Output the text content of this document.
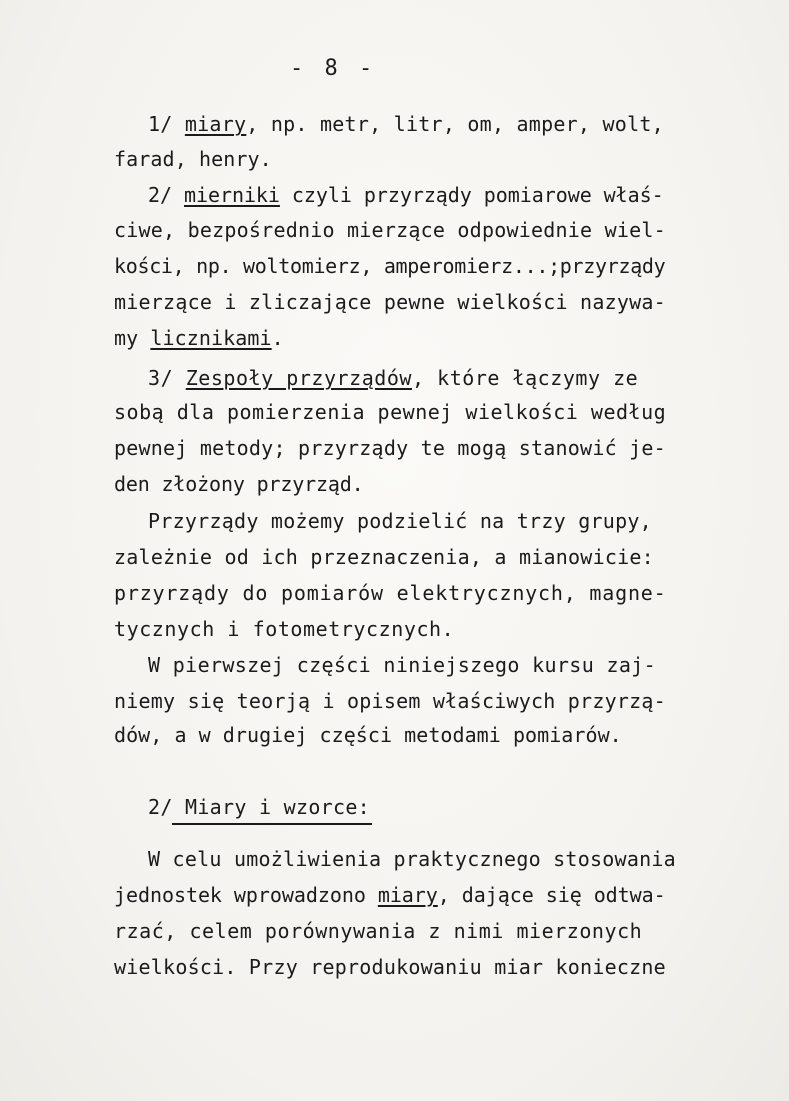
- 8 -
1/ miary, np. metr, litr, om, amper, wolt,
farad, henry.
2/ mierniki czyli przyrządy pomiarowe właś-
ciwe, bezpośrednio mierzące odpowiednie wiel-
kości, np. woltomierz, amperomierz...;przyrządy
mierzące i zliczające pewne wielkości nazywa-
my licznikami.
3/ Zespoły przyrządów, które łączymy ze
sobą dla pomierzenia pewnej wielkości według
pewnej metody; przyrządy te mogą stanowić je-
den złożony przyrząd.
Przyrządy możemy podzielić na trzy grupy,
zależnie od ich przeznaczenia, a mianowicie:
przyrządy do pomiarów elektrycznych, magne-
tycznych i fotometrycznych.
W pierwszej części niniejszego kursu zaj-
niemy się teorją i opisem właściwych przyrzą-
dów, a w drugiej części metodami pomiarów.
2/ Miary i wzorce:
W celu umożliwienia praktycznego stosowania
jednostek wprowadzono miary, dające się odtwa-
rzać, celem porównywania z nimi mierzonych
wielkości. Przy reprodukowaniu miar konieczne
